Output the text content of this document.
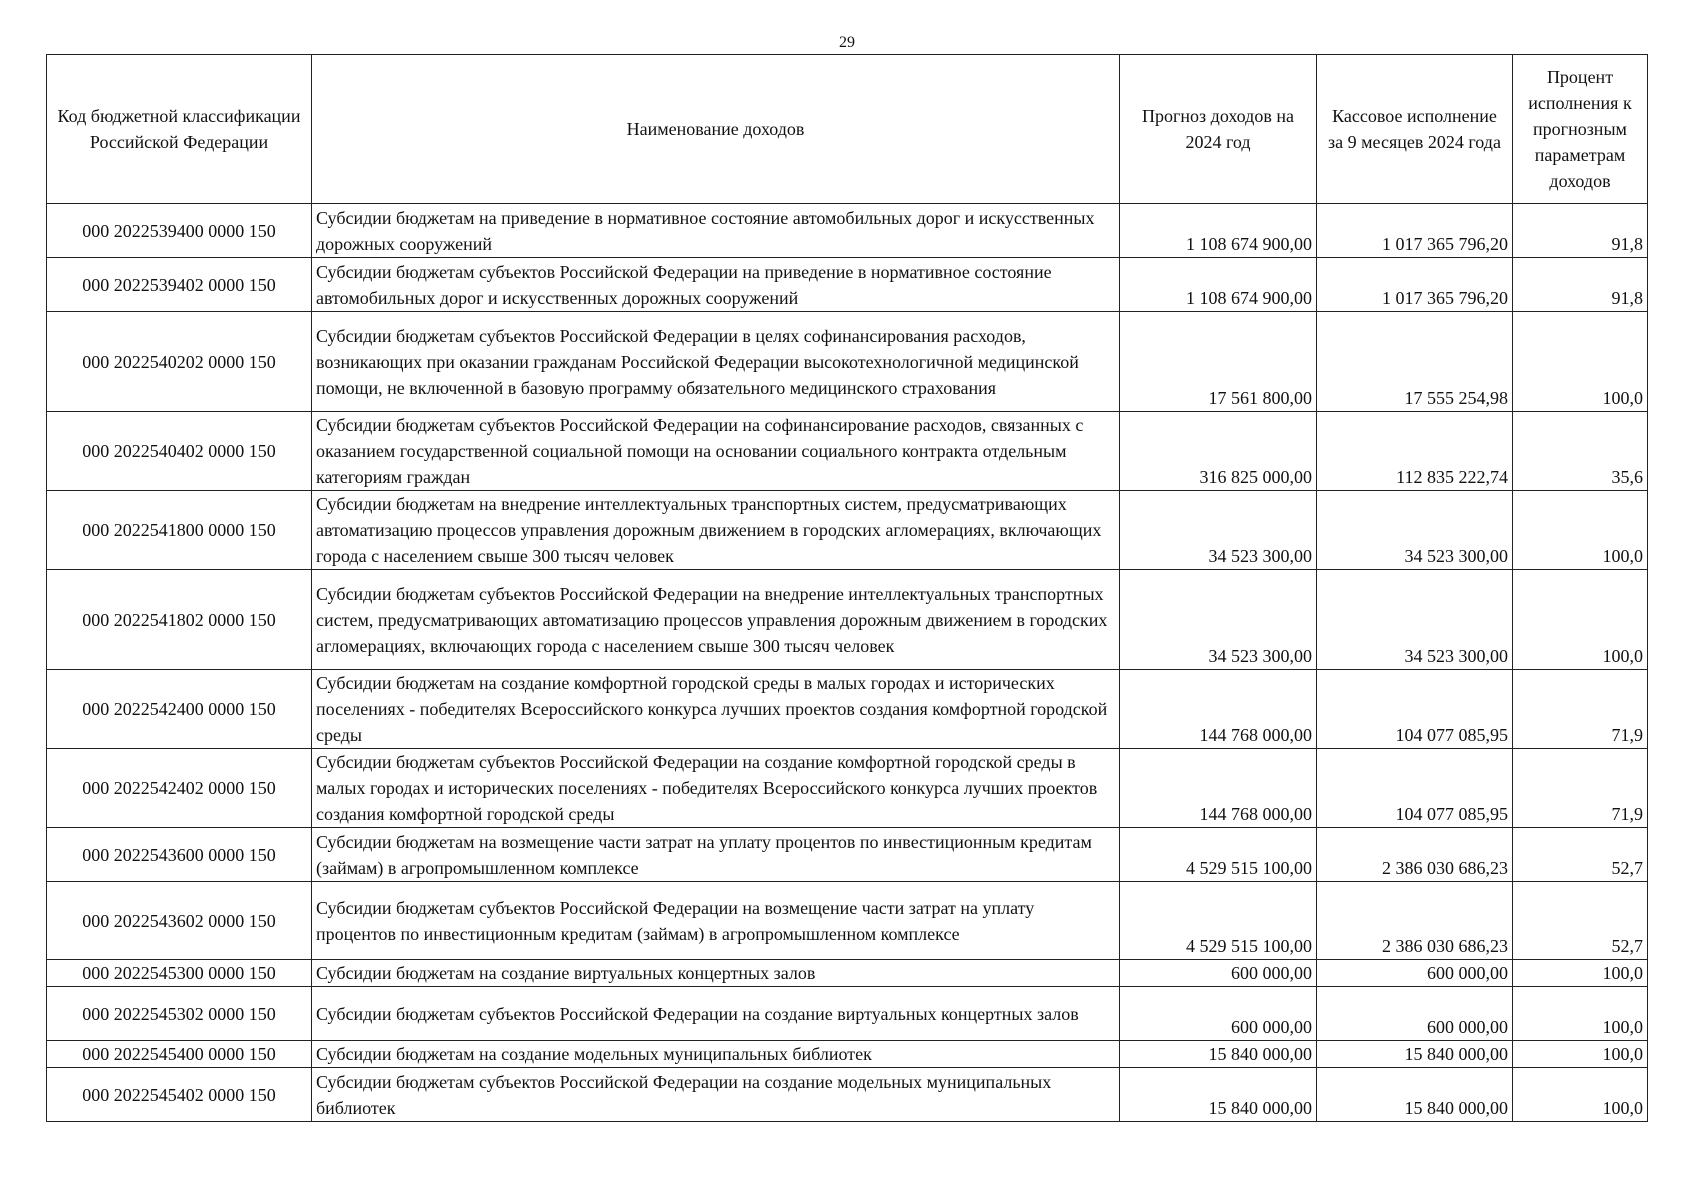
29
Код бюджетной классификации Российской Федерации	Наименование доходов	Прогноз доходов на 2024 год	Кассовое исполнение за 9 месяцев 2024 года	Процент исполнения к прогнозным параметрам доходов
000 2022539400 0000 150	Субсидии бюджетам на приведение в нормативное состояние автомобильных дорог и искусственных дорожных сооружений	1 108 674 900,00	1 017 365 796,20	91,8
000 2022539402 0000 150	Субсидии бюджетам субъектов Российской Федерации на приведение в нормативное состояние автомобильных дорог и искусственных дорожных сооружений	1 108 674 900,00	1 017 365 796,20	91,8
000 2022540202 0000 150	Субсидии бюджетам субъектов Российской Федерации в целях софинансирования расходов, возникающих при оказании гражданам Российской Федерации высокотехнологичной медицинской помощи, не включенной в базовую программу обязательного медицинского страхования	17 561 800,00	17 555 254,98	100,0
000 2022540402 0000 150	Субсидии бюджетам субъектов Российской Федерации на софинансирование расходов, связанных с оказанием государственной социальной помощи на основании социального контракта отдельным категориям граждан	316 825 000,00	112 835 222,74	35,6
000 2022541800 0000 150	Субсидии бюджетам на внедрение интеллектуальных транспортных систем, предусматривающих автоматизацию процессов управления дорожным движением в городских агломерациях, включающих города с населением свыше 300 тысяч человек	34 523 300,00	34 523 300,00	100,0
000 2022541802 0000 150	Субсидии бюджетам субъектов Российской Федерации на внедрение интеллектуальных транспортных систем, предусматривающих автоматизацию процессов управления дорожным движением в городских агломерациях, включающих города с населением свыше 300 тысяч человек	34 523 300,00	34 523 300,00	100,0
000 2022542400 0000 150	Субсидии бюджетам на создание комфортной городской среды в малых городах и исторических поселениях - победителях Всероссийского конкурса лучших проектов создания комфортной городской среды	144 768 000,00	104 077 085,95	71,9
000 2022542402 0000 150	Субсидии бюджетам субъектов Российской Федерации на создание комфортной городской среды в малых городах и исторических поселениях - победителях Всероссийского конкурса лучших проектов создания комфортной городской среды	144 768 000,00	104 077 085,95	71,9
000 2022543600 0000 150	Субсидии бюджетам на возмещение части затрат на уплату процентов по инвестиционным кредитам (займам) в агропромышленном комплексе	4 529 515 100,00	2 386 030 686,23	52,7
000 2022543602 0000 150	Субсидии бюджетам субъектов Российской Федерации на возмещение части затрат на уплату процентов по инвестиционным кредитам (займам) в агропромышленном комплексе	4 529 515 100,00	2 386 030 686,23	52,7
000 2022545300 0000 150	Субсидии бюджетам на создание виртуальных концертных залов	600 000,00	600 000,00	100,0
000 2022545302 0000 150	Субсидии бюджетам субъектов Российской Федерации на создание виртуальных концертных залов	600 000,00	600 000,00	100,0
000 2022545400 0000 150	Субсидии бюджетам на создание модельных муниципальных библиотек	15 840 000,00	15 840 000,00	100,0
000 2022545402 0000 150	Субсидии бюджетам субъектов Российской Федерации на создание модельных муниципальных библиотек	15 840 000,00	15 840 000,00	100,0
